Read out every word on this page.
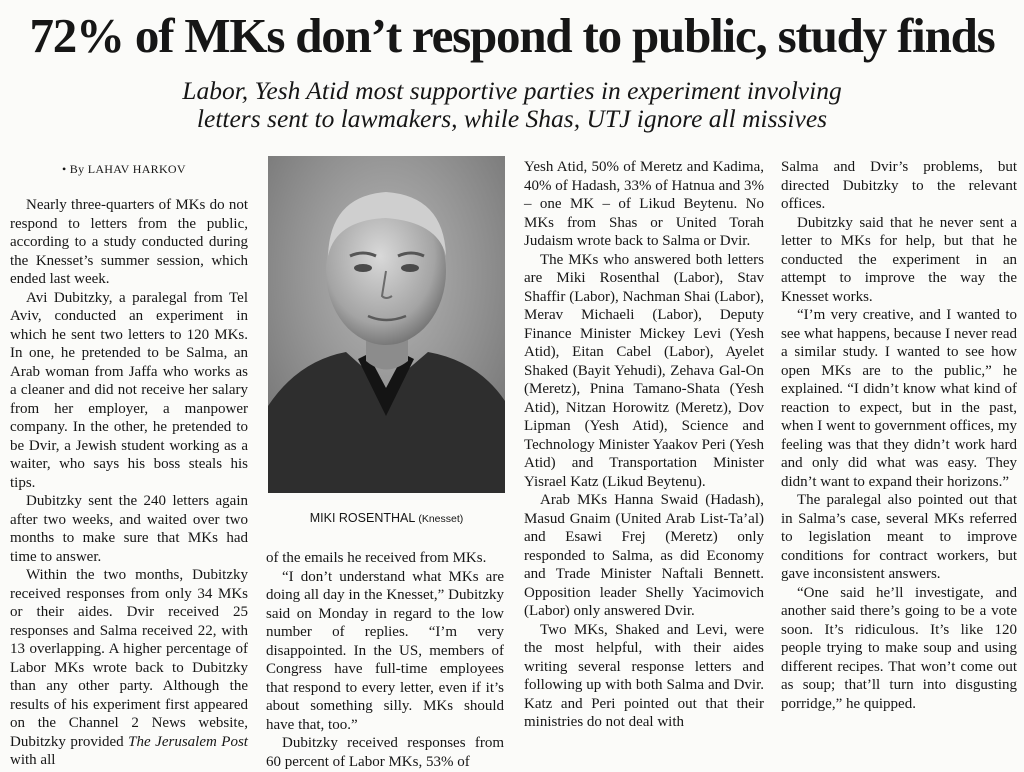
72% of MKs don’t respond to public, study finds
Labor, Yesh Atid most supportive parties in experiment involving
letters sent to lawmakers, while Shas, UTJ ignore all missives
• By LAHAV HARKOV

Nearly three-quarters of MKs do not respond to letters from the public, according to a study conducted during the Knesset’s summer session, which ended last week.

Avi Dubitzky, a paralegal from Tel Aviv, conducted an experiment in which he sent two letters to 120 MKs. In one, he pretended to be Salma, an Arab woman from Jaffa who works as a cleaner and did not receive her salary from her employer, a manpower company. In the other, he pretended to be Dvir, a Jewish student working as a waiter, who says his boss steals his tips.

Dubitzky sent the 240 letters again after two weeks, and waited over two months to make sure that MKs had time to answer.

Within the two months, Dubitzky received responses from only 34 MKs or their aides. Dvir received 25 responses and Salma received 22, with 13 overlapping. A higher percentage of Labor MKs wrote back to Dubitzky than any other party. Although the results of his experiment first appeared on the Channel 2 News website, Dubitzky provided The Jerusalem Post with all

MIKI ROSENTHAL (Knesset)

of the emails he received from MKs.

“I don’t understand what MKs are doing all day in the Knesset,” Dubitzky said on Monday in regard to the low number of replies. “I’m very disappointed. In the US, members of Congress have full-time employees that respond to every letter, even if it’s about something silly. MKs should have that, too.”

Dubitzky received responses from 60 percent of Labor MKs, 53% of

Yesh Atid, 50% of Meretz and Kadima, 40% of Hadash, 33% of Hatnua and 3% – one MK – of Likud Beytenu. No MKs from Shas or United Torah Judaism wrote back to Salma or Dvir.

The MKs who answered both letters are Miki Rosenthal (Labor), Stav Shaffir (Labor), Nachman Shai (Labor), Merav Michaeli (Labor), Deputy Finance Minister Mickey Levi (Yesh Atid), Eitan Cabel (Labor), Ayelet Shaked (Bayit Yehudi), Zehava Gal-On (Meretz), Pnina Tamano-Shata (Yesh Atid), Nitzan Horowitz (Meretz), Dov Lipman (Yesh Atid), Science and Technology Minister Yaakov Peri (Yesh Atid) and Transportation Minister Yisrael Katz (Likud Beytenu).

Arab MKs Hanna Swaid (Hadash), Masud Gnaim (United Arab List-Ta’al) and Esawi Frej (Meretz) only responded to Salma, as did Economy and Trade Minister Naftali Bennett. Opposition leader Shelly Yacimovich (Labor) only answered Dvir.

Two MKs, Shaked and Levi, were the most helpful, with their aides writing several response letters and following up with both Salma and Dvir. Katz and Peri pointed out that their ministries do not deal with

Salma and Dvir’s problems, but directed Dubitzky to the relevant offices.

Dubitzky said that he never sent a letter to MKs for help, but that he conducted the experiment in an attempt to improve the way the Knesset works.

“I’m very creative, and I wanted to see what happens, because I never read a similar study. I wanted to see how open MKs are to the public,” he explained. “I didn’t know what kind of reaction to expect, but in the past, when I went to government offices, my feeling was that they didn’t work hard and only did what was easy. They didn’t want to expand their horizons.”

The paralegal also pointed out that in Salma’s case, several MKs referred to legislation meant to improve conditions for contract workers, but gave inconsistent answers.

“One said he’ll investigate, and another said there’s going to be a vote soon. It’s ridiculous. It’s like 120 people trying to make soup and using different recipes. That won’t come out as soup; that’ll turn into disgusting porridge,” he quipped.
